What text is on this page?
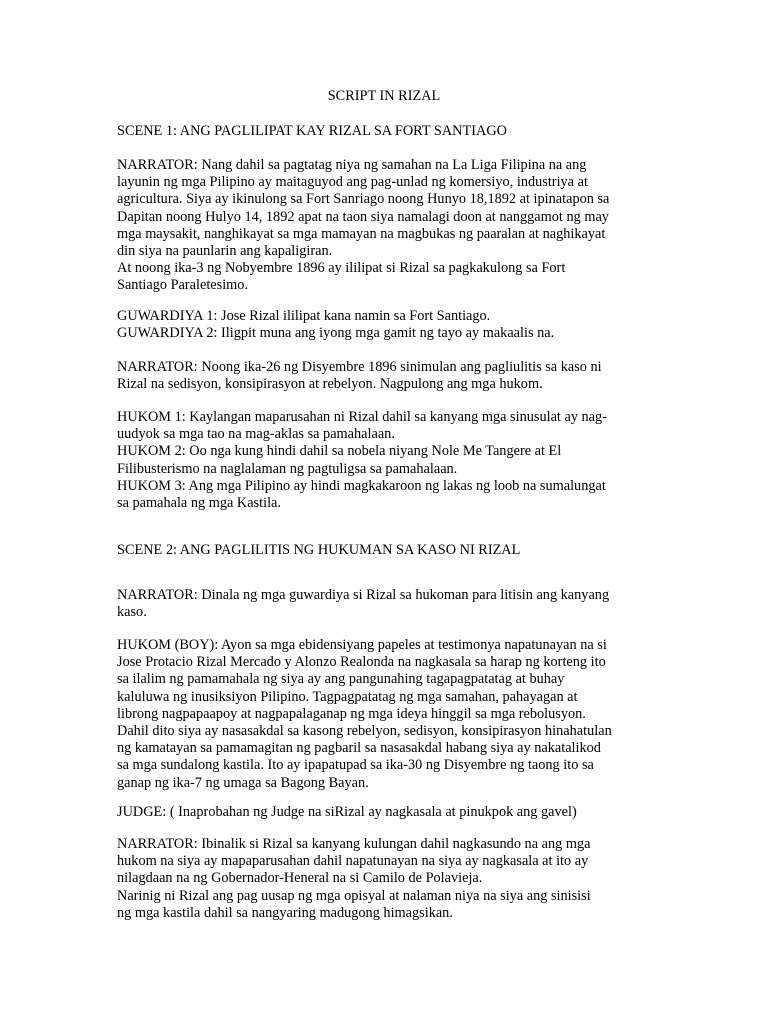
SCRIPT IN RIZAL
SCENE 1: ANG PAGLILIPAT KAY RIZAL SA FORT SANTIAGO
NARRATOR: Nang dahil sa pagtatag niya ng samahan na La Liga Filipina na ang
layunin ng mga Pilipino ay maitaguyod ang pag-unlad ng komersiyo, industriya at
agricultura. Siya ay ikinulong sa Fort Sanriago noong Hunyo 18,1892 at ipinatapon sa
Dapitan noong Hulyo 14, 1892 apat na taon siya namalagi doon at nanggamot ng may
mga maysakit, nanghikayat sa mga mamayan na magbukas ng paaralan at naghikayat
din siya na paunlarin ang kapaligiran.
At noong ika-3 ng Nobyembre 1896 ay ililipat si Rizal sa pagkakulong sa Fort
Santiago Paraletesimo.
GUWARDIYA 1: Jose Rizal ililipat kana namin sa Fort Santiago.
GUWARDIYA 2: Iligpit muna ang iyong mga gamit ng tayo ay makaalis na.
NARRATOR: Noong ika-26 ng Disyembre 1896 sinimulan ang pagliulitis sa kaso ni
Rizal na sedisyon, konsipirasyon at rebelyon. Nagpulong ang mga hukom.
HUKOM 1: Kaylangan maparusahan ni Rizal dahil sa kanyang mga sinusulat ay nag-
uudyok sa mga tao na mag-aklas sa pamahalaan.
HUKOM 2: Oo nga kung hindi dahil sa nobela niyang Nole Me Tangere at El
Filibusterismo na naglalaman ng pagtuligsa sa pamahalaan.
HUKOM 3: Ang mga Pilipino ay hindi magkakaroon ng lakas ng loob na sumalungat
sa pamahala ng mga Kastila.
SCENE 2: ANG PAGLILITIS NG HUKUMAN SA KASO NI RIZAL
NARRATOR: Dinala ng mga guwardiya si Rizal sa hukoman para litisin ang kanyang
kaso.
HUKOM (BOY): Ayon sa mga ebidensiyang papeles at testimonya napatunayan na si
Jose Protacio Rizal Mercado y Alonzo Realonda na nagkasala sa harap ng korteng ito
sa ilalim ng pamamahala ng siya ay ang pangunahing tagapagpatatag at buhay
kaluluwa ng inusiksiyon Pilipino. Tagpagpatatag ng mga samahan, pahayagan at
librong nagpapaapoy at nagpapalaganap ng mga ideya hinggil sa mga rebolusyon.
Dahil dito siya ay nasasakdal sa kasong rebelyon, sedisyon, konsipirasyon hinahatulan
ng kamatayan sa pamamagitan ng pagbaril sa nasasakdal habang siya ay nakatalikod
sa mga sundalong kastila. Ito ay ipapatupad sa ika-30 ng Disyembre ng taong ito sa
ganap ng ika-7 ng umaga sa Bagong Bayan.
JUDGE: ( Inaprobahan ng Judge na siRizal ay nagkasala at pinukpok ang gavel)
NARRATOR: Ibinalik si Rizal sa kanyang kulungan dahil nagkasundo na ang mga
hukom na siya ay mapaparusahan dahil napatunayan na siya ay nagkasala at ito ay
nilagdaan na ng Gobernador-Heneral na si Camilo de Polavieja.
Narinig ni Rizal ang pag uusap ng mga opisyal at nalaman niya na siya ang sinisisi
ng mga kastila dahil sa nangyaring madugong himagsikan.
